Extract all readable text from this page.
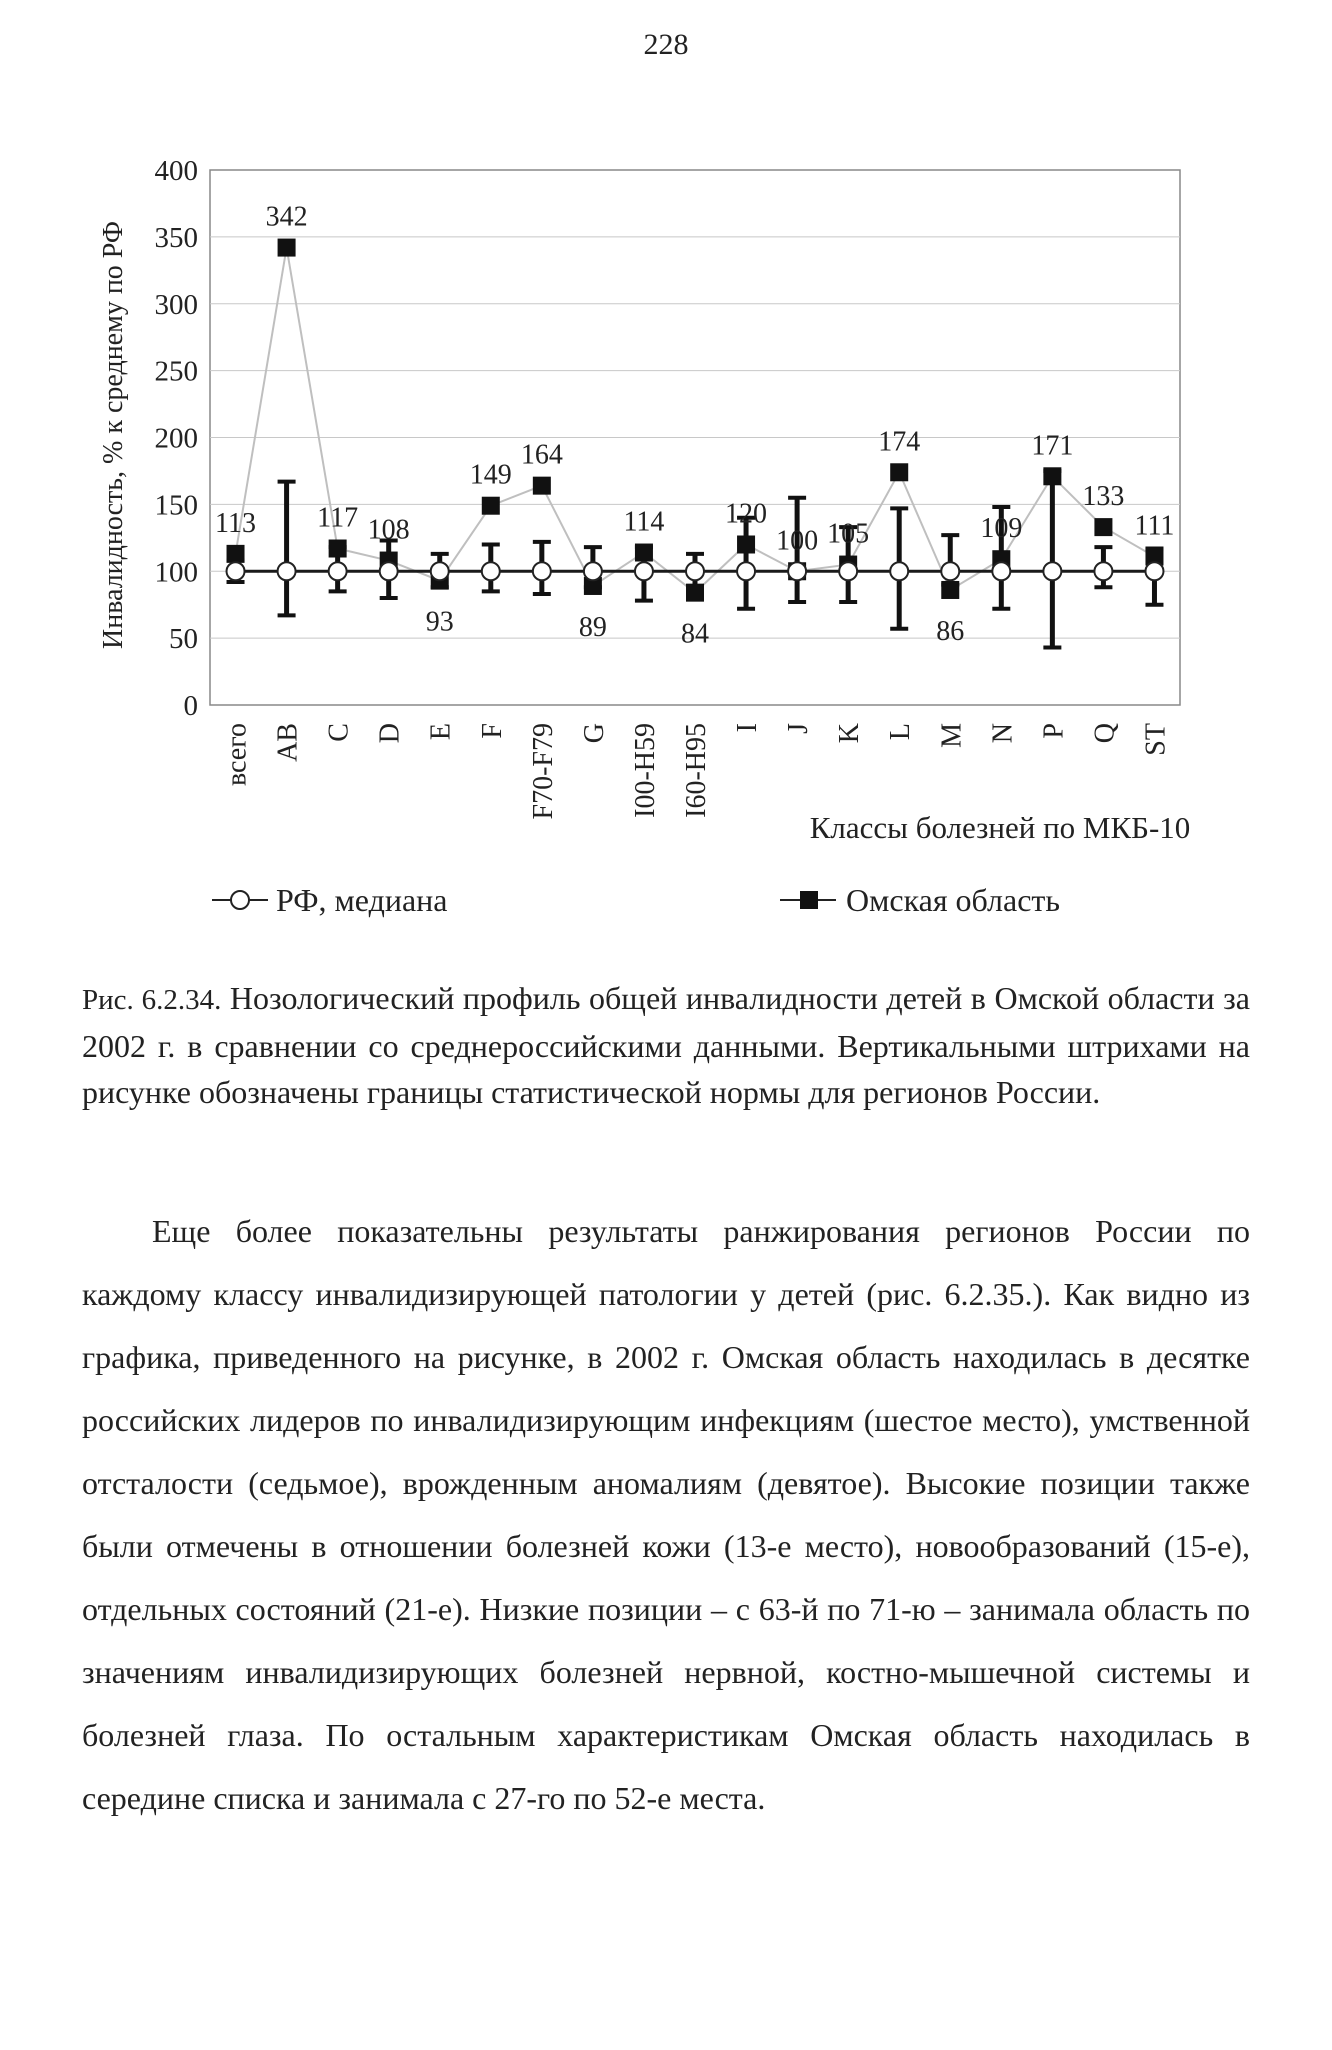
228
0
50
100
150
200
250
300
350
400
всего AB C D E F F70-F79 G I00-H59 I60-H95 I J K L M N P Q ST
113
342
117 108
93
149
164
89
114
84
120
100 105
174
86
109
171
133
111
Инвалидность, % к среднему по РФ
Классы болезней по МКБ-10
РФ, медиана	Омская область
Рис. 6.2.34. Нозологический профиль общей инвалидности детей в Омской области за 2002 г. в сравнении со среднероссийскими данными. Вертикальными штрихами на рисунке обозначены границы статистической нормы для регионов России.
Еще более показательны результаты ранжирования регионов России по каждому классу инвалидизирующей патологии у детей (рис. 6.2.35.). Как видно из графика, приведенного на рисунке, в 2002 г. Омская область находилась в десятке российских лидеров по инвалидизирующим инфекциям (шестое место), умственной отсталости (седьмое), врожденным аномалиям (девятое). Высокие позиции также были отмечены в отношении болезней кожи (13-е место), новообразований (15-е), отдельных состояний (21-е). Низкие позиции – с 63-й по 71-ю – занимала область по значениям инвалидизирующих болезней нервной, костно-мышечной системы и болезней глаза. По остальным характеристикам Омская область находилась в середине списка и занимала с 27-го по 52-е места.
